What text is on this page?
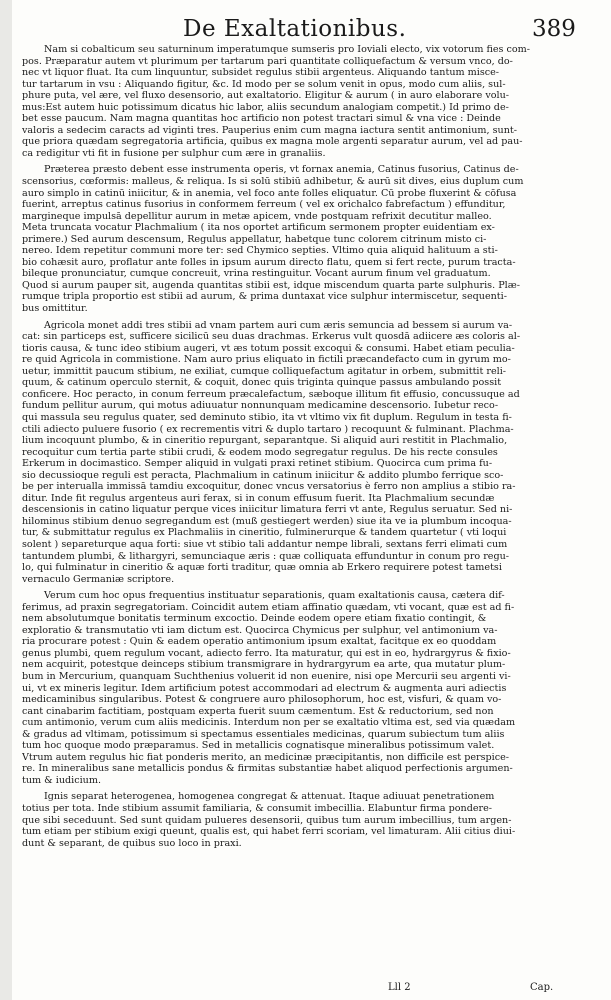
De Exaltationibus.	389
Nam si cobalticum seu saturninum imperatumque sumseris pro Ioviali electo, vix votorum fies com-
pos. Præparatur autem vt plurimum per tartarum pari quantitate colliquefactum & versum vnco, do-
nec vt liquor fluat. Ita cum linquuntur, subsidet regulus stibii argenteus. Aliquando tantum misce-
tur tartarum in vsu : Aliquando figitur, &c. Id modo per se solum venit in opus, modo cum aliis, sul-
phure puta, vel ære, vel fluxo desensorio, aut exaltatorio. Eligitur & aurum ( in auro elaborare volu-
mus:Est autem huic potissimum dicatus hic labor, aliis secundum analogiam competit.) Id primo de-
bet esse paucum. Nam magna quantitas hoc artificio non potest tractari simul & vna vice : Deinde
valoris a sedecim caracts ad viginti tres. Pauperius enim cum magna iactura sentit antimonium, sunt-
que priora quædam segregatoria artificia, quibus ex magna mole argenti separatur aurum, vel ad pau-
ca redigitur vti fit in fusione per sulphur cum ære in granaliis.
Præterea præsto debent esse instrumenta operis, vt fornax anemia, Catinus fusorius, Catinus de-
scensorius, cœformis: malleus, & reliqua. Is si solū stibiū adhibetur, & aurū sit dives, eius duplum cum
auro simplo in catinū iniicitur, & in anemia, vel foco ante folles eliquatur. Cū probe fluxerint & cōfusa
fuerint, arreptus catinus fusorius in conformem ferreum ( vel ex orichalco fabrefactum ) effunditur,
margineque impulsā depellitur aurum in metæ apicem, vnde postquam refrixit decutitur malleo.
Meta truncata vocatur Plachmalium ( ita nos oportet artificum sermonem propter euidentiam ex-
primere.) Sed aurum descensum, Regulus appellatur, habetque tunc colorem citrinum misto ci-
nereo. Idem repetitur communi more ter: sed Chymico septies. Vltimo quia aliquid halituum a sti-
bio cohæsit auro, proflatur ante folles in ipsum aurum directo flatu, quem si fert recte, purum tracta-
bileque pronunciatur, cumque concreuit, vrina restinguitur. Vocant aurum finum vel graduatum.
Quod si aurum pauper sit, augenda quantitas stibii est, idque miscendum quarta parte sulphuris. Plæ-
rumque tripla proportio est stibii ad aurum, & prima duntaxat vice sulphur intermiscetur, sequenti-
bus omittitur.
Agricola monet addi tres stibii ad vnam partem auri cum æris semuncia ad bessem si aurum va-
cat: sin particeps est, sufficere sicilicū seu duas drachmas. Erkerus vult quosdā adiicere æs coloris al-
tioris causa, & tunc ideo stibium augeri, vt æs totum possit excoqui & consumi. Habet etiam peculia-
re quid Agricola in commistione. Nam auro prius eliquato in fictili præcandefacto cum in gyrum mo-
uetur, immittit paucum stibium, ne exiliat, cumque colliquefactum agitatur in orbem, submittit reli-
quum, & catinum operculo sternit, & coquit, donec quis triginta quinque passus ambulando possit
conficere. Hoc peracto, in conum ferreum præcalefactum, sæboque illitum fit effusio, concussuque ad
fundum pellitur aurum, qui motus adiuuatur nonnunquam medicamine descensorio. Iubetur reco-
qui massula seu regulus quater, sed deminuto stibio, ita vt vltimo vix fit duplum. Regulum in testa fi-
ctili adiecto puluere fusorio ( ex recrementis vitri & duplo tartaro ) recoquunt & fulminant. Plachma-
lium incoquunt plumbo, & in cineritio repurgant, separantque. Si aliquid auri restitit in Plachmalio,
recoquitur cum tertia parte stibii crudi, & eodem modo segregatur regulus. De his recte consules
Erkerum in docimastico. Semper aliquid in vulgati praxi retinet stibium. Quocirca cum prima fu-
sio decussioque reguli est peracta, Plachmalium in catinum iniicitur & addito plumbo ferrique sco-
be per interualla immissā tamdiu excoquitur, donec vncus versatorius è ferro non amplius a stibio ra-
ditur. Inde fit regulus argenteus auri ferax, si in conum effusum fuerit. Ita Plachmalium secundæ
descensionis in catino liquatur perque vices iniicitur limatura ferri vt ante, Regulus seruatur. Sed ni-
hilominus stibium denuo segregandum est (muß gestiegert werden) siue ita ve ia plumbum incoqua-
tur, & submittatur regulus ex Plachmaliis in cineritio, fulminerurque & tandem quartetur ( vti loqui
solent ) separeturque aqua forti: siue vt stibio tali addantur nempe librali, sextans ferri elimati cum
tantundem plumbi, & lithargyri, semunciaque æris : quæ colliquata effunduntur in conum pro regu-
lo, qui fulminatur in cineritio & aquæ forti traditur, quæ omnia ab Erkero requirere potest tametsi
vernaculo Germaniæ scriptore.
Verum cum hoc opus frequentius instituatur separationis, quam exaltationis causa, cætera dif-
ferimus, ad praxin segregatoriam. Coincidit autem etiam affinatio quædam, vti vocant, quæ est ad fi-
nem absolutumque bonitatis terminum excoctio. Deinde eodem opere etiam fixatio contingit, &
exploratio & transmutatio vti iam dictum est. Quocirca Chymicus per sulphur, vel antimonium va-
ria procurare potest : Quin & eadem operatio antimonium ipsum exaltat, facitque ex eo quoddam
genus plumbi, quem regulum vocant, adiecto ferro. Ita maturatur, qui est in eo, hydrargyrus & fixio-
nem acquirit, potestque deinceps stibium transmigrare in hydrargyrum ea arte, qua mutatur plum-
bum in Mercurium, quanquam Suchthenius voluerit id non euenire, nisi ope Mercurii seu argenti vi-
ui, vt ex mineris legitur. Idem artificium potest accommodari ad electrum & augmenta auri adiectis
medicaminibus singularibus. Potest & congruere auro philosophorum, hoc est, visfuri, & quam vo-
cant cinabarim factitiam, postquam experta fuerit suum cæmentum. Est & reductorium, sed non
cum antimonio, verum cum aliis medicinis. Interdum non per se exaltatio vltima est, sed via quædam
& gradus ad vltimam, potissimum si spectamus essentiales medicinas, quarum subiectum tum aliis
tum hoc quoque modo præparamus. Sed in metallicis cognatisque mineralibus potissimum valet.
Vtrum autem regulus hic fiat ponderis merito, an medicinæ præcipitantis, non difficile est perspice-
re. In mineralibus sane metallicis pondus & firmitas substantiæ habet aliquod perfectionis argumen-
tum & iudicium.
Ignis separat heterogenea, homogenea congregat & attenuat. Itaque adiuuat penetrationem
totius per tota. Inde stibium assumit familiaria, & consumit imbecillia. Elabuntur firma pondere-
que sibi seceduunt. Sed sunt quidam pulueres desensorii, quibus tum aurum imbecillius, tum argen-
tum etiam per stibium exigi queunt, qualis est, qui habet ferri scoriam, vel limaturam. Alii citius diui-
dunt & separant, de quibus suo loco in praxi.
Lll 2	Cap.
